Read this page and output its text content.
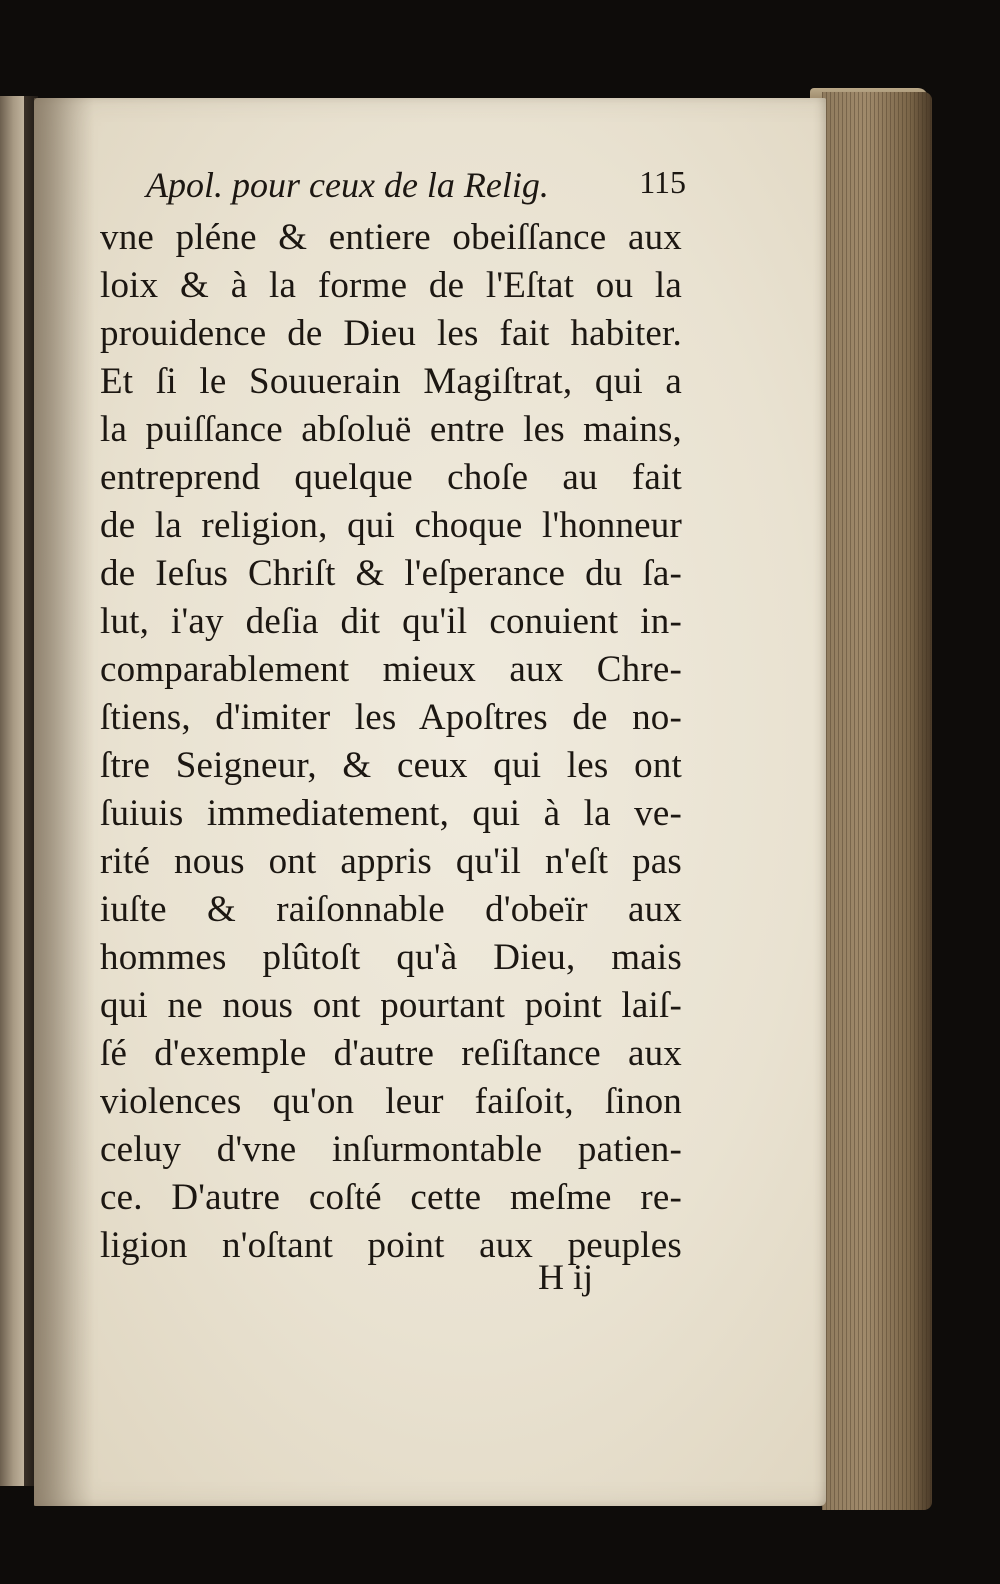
Apol. pour ceux de la Relig.	115
vne pléne & entiere obeiſſance aux
loix & à la forme de l'Eſtat ou la
prouidence de Dieu les fait habiter.
Et ſi le Souuerain Magiſtrat, qui a
la puiſſance abſoluë entre les mains,
entreprend quelque choſe au fait
de la religion, qui choque l'honneur
de Ieſus Chriſt & l'eſperance du ſa-
lut, i'ay deſia dit qu'il conuient in-
comparablement mieux aux Chre-
ſtiens, d'imiter les Apoſtres de no-
ſtre Seigneur, & ceux qui les ont
ſuiuis immediatement, qui à la ve-
rité nous ont appris qu'il n'eſt pas
iuſte & raiſonnable d'obeïr aux
hommes plûtoſt qu'à Dieu, mais
qui ne nous ont pourtant point laiſ-
ſé d'exemple d'autre reſiſtance aux
violences qu'on leur faiſoit, ſinon
celuy d'vne inſurmontable patien-
ce. D'autre coſté cette meſme re-
ligion n'oſtant point aux peuples
H ij
